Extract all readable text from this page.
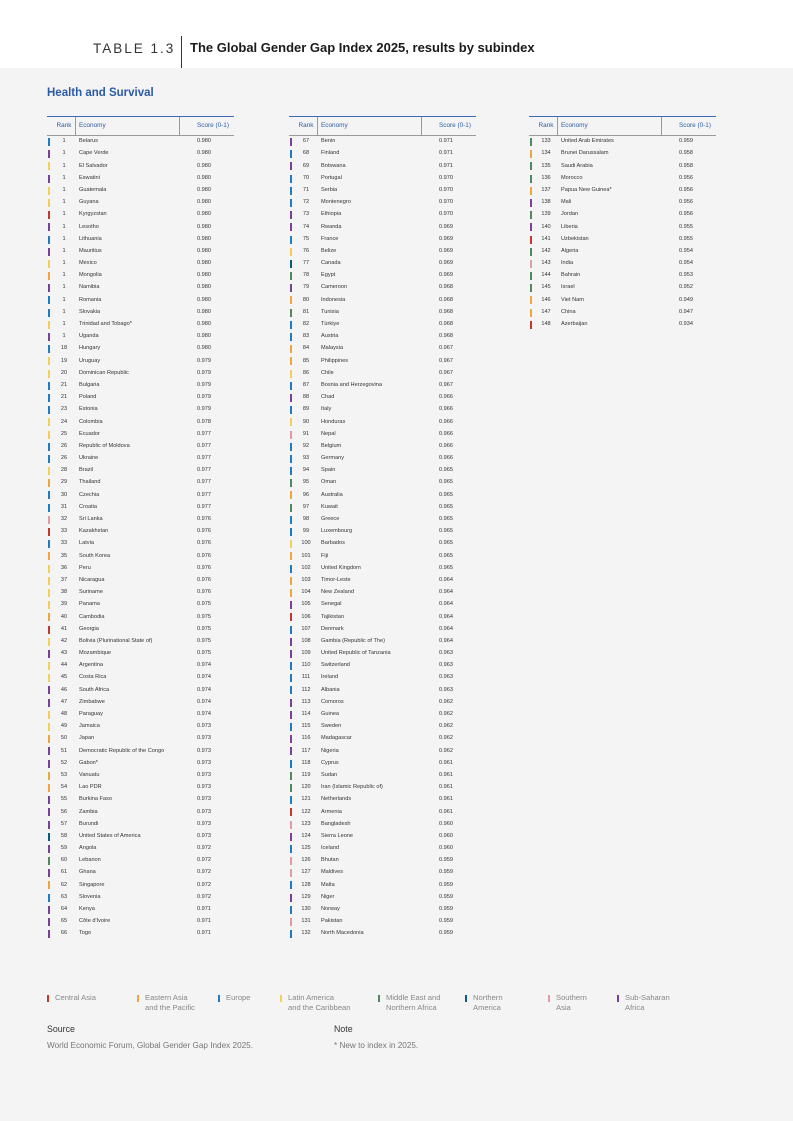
TABLE 1.3 The Global Gender Gap Index 2025, results by subindex
Health and Survival
Rank	Economy	Score (0-1)
1	Belarus	0.980
1	Cape Verde	0.980
1	El Salvador	0.980
1	Eswatini	0.980
1	Guatemala	0.980
1	Guyana	0.980
1	Kyrgyzstan	0.980
1	Lesotho	0.980
1	Lithuania	0.980
1	Mauritius	0.980
1	Mexico	0.980
1	Mongolia	0.980
1	Namibia	0.980
1	Romania	0.980
1	Slovakia	0.980
1	Trinidad and Tobago*	0.980
1	Uganda	0.980
18	Hungary	0.980
19	Uruguay	0.979
20	Dominican Republic	0.979
21	Bulgaria	0.979
21	Poland	0.979
23	Estonia	0.979
24	Colombia	0.978
25	Ecuador	0.977
26	Republic of Moldova	0.977
26	Ukraine	0.977
28	Brazil	0.977
29	Thailand	0.977
30	Czechia	0.977
31	Croatia	0.977
32	Sri Lanka	0.976
33	Kazakhstan	0.976
33	Latvia	0.976
35	South Korea	0.976
36	Peru	0.976
37	Nicaragua	0.976
38	Suriname	0.976
39	Panama	0.975
40	Cambodia	0.975
41	Georgia	0.975
42	Bolivia (Plurinational State of)	0.975
43	Mozambique	0.975
44	Argentina	0.974
45	Costa Rica	0.974
46	South Africa	0.974
47	Zimbabwe	0.974
48	Paraguay	0.974
49	Jamaica	0.973
50	Japan	0.973
51	Democratic Republic of the Congo	0.973
52	Gabon*	0.973
53	Vanuatu	0.973
54	Lao PDR	0.973
55	Burkina Faso	0.973
56	Zambia	0.973
57	Burundi	0.973
58	United States of America	0.973
59	Angola	0.972
60	Lebanon	0.972
61	Ghana	0.972
62	Singapore	0.972
63	Slovenia	0.972
64	Kenya	0.971
65	Côte d'Ivoire	0.971
66	Togo	0.971
Rank	Economy	Score (0-1)
67	Benin	0.971
68	Finland	0.971
69	Botswana	0.971
70	Portugal	0.970
71	Serbia	0.970
72	Montenegro	0.970
73	Ethiopia	0.970
74	Rwanda	0.969
75	France	0.969
76	Belize	0.969
77	Canada	0.969
78	Egypt	0.969
79	Cameroon	0.968
80	Indonesia	0.968
81	Tunisia	0.968
82	Türkiye	0.968
83	Austria	0.968
84	Malaysia	0.967
85	Philippines	0.967
86	Chile	0.967
87	Bosnia and Herzegovina	0.967
88	Chad	0.966
89	Italy	0.966
90	Honduras	0.966
91	Nepal	0.966
92	Belgium	0.966
93	Germany	0.966
94	Spain	0.965
95	Oman	0.965
96	Australia	0.965
97	Kuwait	0.965
98	Greece	0.965
99	Luxembourg	0.965
100	Barbados	0.965
101	Fiji	0.965
102	United Kingdom	0.965
103	Timor-Leste	0.964
104	New Zealand	0.964
105	Senegal	0.964
106	Tajikistan	0.964
107	Denmark	0.964
108	Gambia (Republic of The)	0.964
109	United Republic of Tanzania	0.963
110	Switzerland	0.963
111	Ireland	0.963
112	Albania	0.963
113	Comoros	0.962
114	Guinea	0.962
115	Sweden	0.962
116	Madagascar	0.962
117	Nigeria	0.962
118	Cyprus	0.961
119	Sudan	0.961
120	Iran (Islamic Republic of)	0.961
121	Netherlands	0.961
122	Armenia	0.961
123	Bangladesh	0.960
124	Sierra Leone	0.960
125	Iceland	0.960
126	Bhutan	0.959
127	Maldives	0.959
128	Malta	0.959
129	Niger	0.959
130	Norway	0.959
131	Pakistan	0.959
132	North Macedonia	0.959
Rank	Economy	Score (0-1)
133	United Arab Emirates	0.959
134	Brunei Darussalam	0.958
135	Saudi Arabia	0.958
136	Morocco	0.956
137	Papua New Guinea*	0.956
138	Mali	0.956
139	Jordan	0.956
140	Liberia	0.955
141	Uzbekistan	0.955
142	Algeria	0.954
143	India	0.954
144	Bahrain	0.953
145	Israel	0.952
146	Viet Nam	0.949
147	China	0.947
148	Azerbaijan	0.934
Central Asia	Eastern Asia
and the Pacific
Europe	Latin America
and the Caribbean
Middle East and
Northern Africa
Northern
America
Southern
Asia
Sub-Saharan
Africa
Source
World Economic Forum, Global Gender Gap Index 2025.
Note
* New to index in 2025.
